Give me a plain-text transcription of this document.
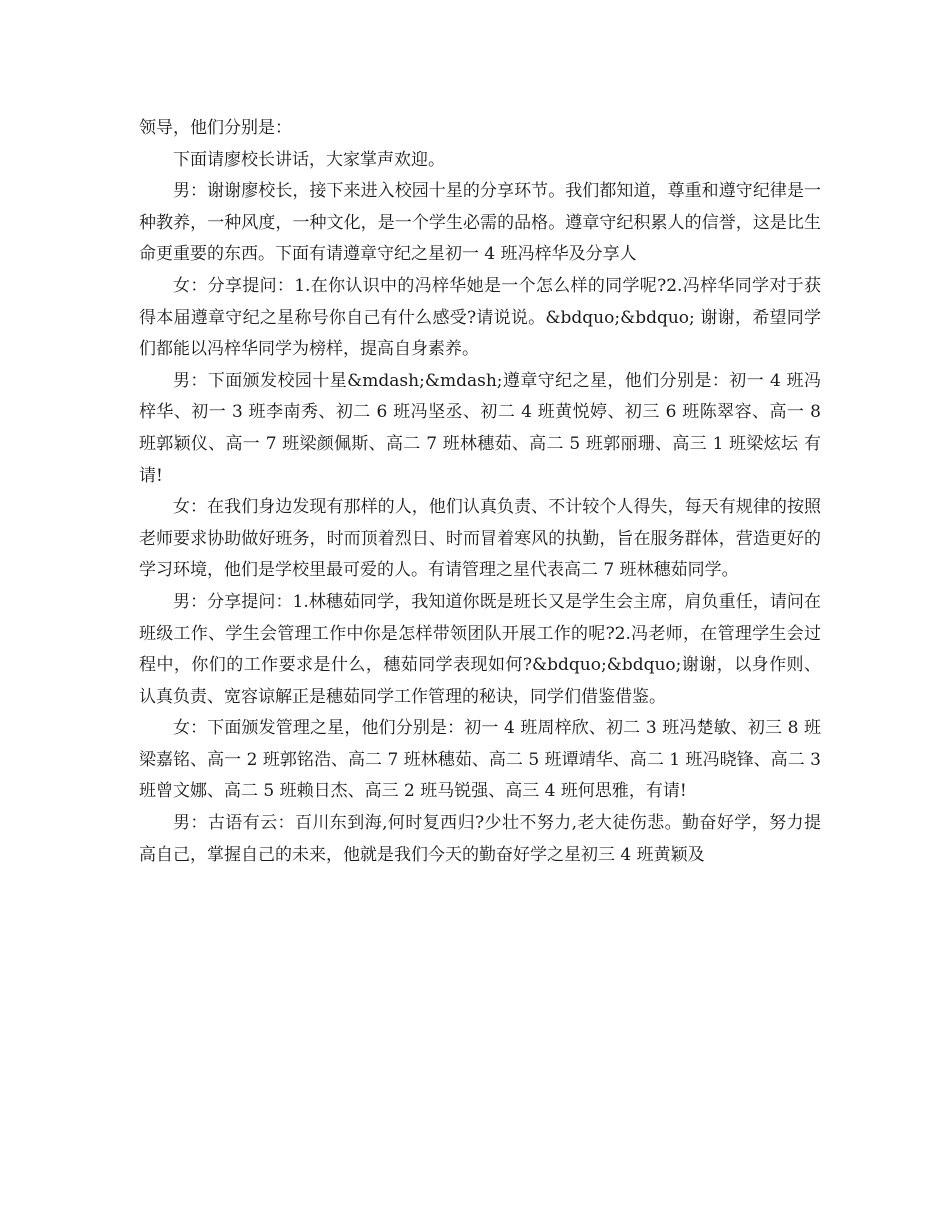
领导，他们分别是：

下面请廖校长讲话，大家掌声欢迎。

男：谢谢廖校长，接下来进入校园十星的分享环节。我们都知道，尊重和遵守纪律是一种教养，一种风度，一种文化，是一个学生必需的品格。遵章守纪积累人的信誉，这是比生命更重要的东西。下面有请遵章守纪之星初一 4 班冯梓华及分享人

女：分享提问：1.在你认识中的冯梓华她是一个怎么样的同学呢?2.冯梓华同学对于获得本届遵章守纪之星称号你自己有什么感受?请说说。&bdquo;&bdquo; 谢谢，希望同学们都能以冯梓华同学为榜样，提高自身素养。

男：下面颁发校园十星&mdash;&mdash;遵章守纪之星，他们分别是：初一 4 班冯梓华、初一 3 班李南秀、初二 6 班冯坚丞、初二 4 班黄悦婷、初三 6 班陈翠容、高一 8 班郭颖仪、高一 7 班梁颜佩斯、高二 7 班林穗茹、高二 5 班郭丽珊、高三 1 班梁炫坛 有请!

女：在我们身边发现有那样的人，他们认真负责、不计较个人得失，每天有规律的按照老师要求协助做好班务，时而顶着烈日、时而冒着寒风的执勤，旨在服务群体，营造更好的学习环境，他们是学校里最可爱的人。有请管理之星代表高二 7 班林穗茹同学。

男：分享提问：1.林穗茹同学，我知道你既是班长又是学生会主席，肩负重任，请问在班级工作、学生会管理工作中你是怎样带领团队开展工作的呢?2.冯老师，在管理学生会过程中，你们的工作要求是什么，穗茹同学表现如何?&bdquo;&bdquo;谢谢，以身作则、认真负责、宽容谅解正是穗茹同学工作管理的秘诀，同学们借鉴借鉴。

女：下面颁发管理之星，他们分别是：初一 4 班周梓欣、初二 3 班冯楚敏、初三 8 班梁嘉铭、高一 2 班郭铭浩、高二 7 班林穗茹、高二 5 班谭靖华、高二 1 班冯晓锋、高二 3 班曾文娜、高二 5 班赖日杰、高三 2 班马锐强、高三 4 班何思雅，有请!

男：古语有云：百川东到海,何时复西归?少壮不努力,老大徒伤悲。勤奋好学，努力提高自己，掌握自己的未来，他就是我们今天的勤奋好学之星初三 4 班黄颖及
